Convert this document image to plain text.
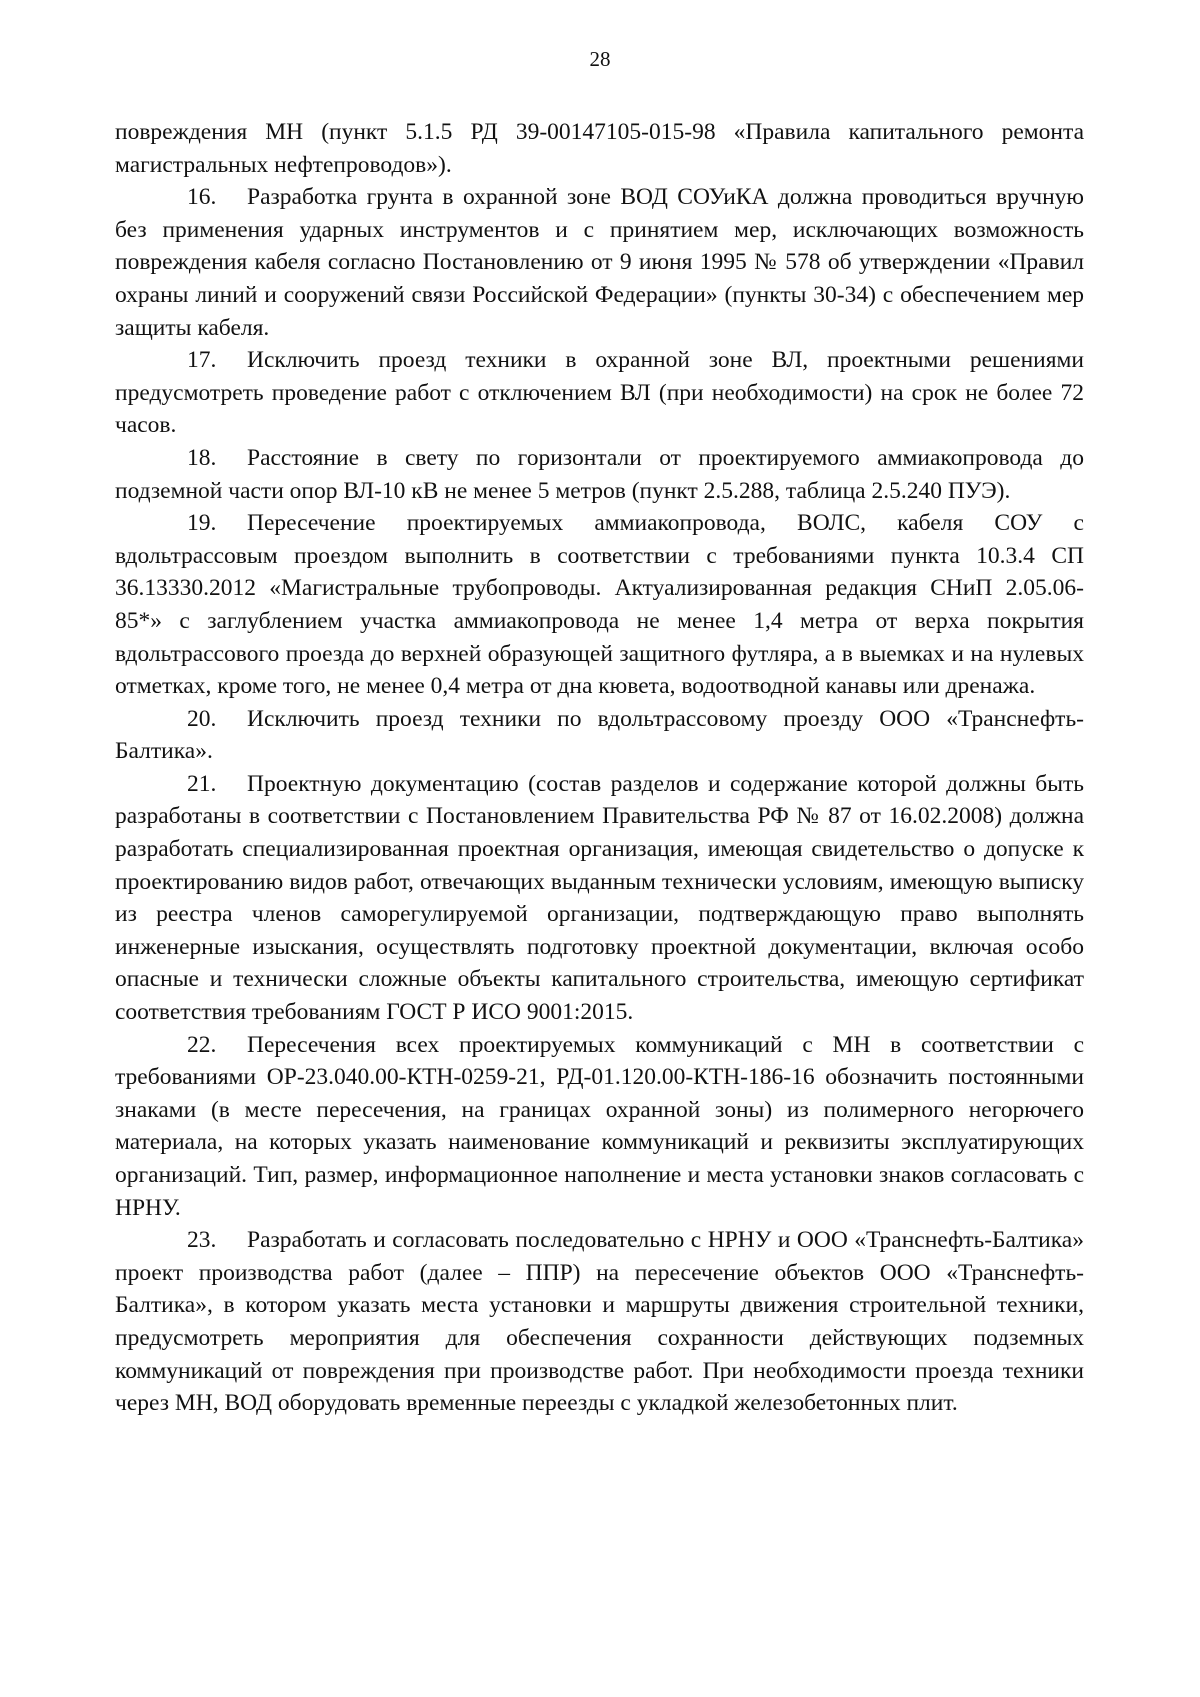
28

повреждения МН (пункт 5.1.5 РД 39-00147105-015-98 «Правила капитального ремонта магистральных нефтепроводов»).

16. Разработка грунта в охранной зоне ВОД СОУиКА должна проводиться вручную без применения ударных инструментов и с принятием мер, исключающих возможность повреждения кабеля согласно Постановлению от 9 июня 1995 № 578 об утверждении «Правил охраны линий и сооружений связи Российской Федерации» (пункты 30-34) с обеспечением мер защиты кабеля.

17. Исключить проезд техники в охранной зоне ВЛ, проектными решениями предусмотреть проведение работ с отключением ВЛ (при необходимости) на срок не более 72 часов.

18. Расстояние в свету по горизонтали от проектируемого аммиакопровода до подземной части опор ВЛ-10 кВ не менее 5 метров (пункт 2.5.288, таблица 2.5.240 ПУЭ).

19. Пересечение проектируемых аммиакопровода, ВОЛС, кабеля СОУ с вдольтрассовым проездом выполнить в соответствии с требованиями пункта 10.3.4 СП 36.13330.2012 «Магистральные трубопроводы. Актуализированная редакция СНиП 2.05.06-85*» с заглублением участка аммиакопровода не менее 1,4 метра от верха покрытия вдольтрассового проезда до верхней образующей защитного футляра, а в выемках и на нулевых отметках, кроме того, не менее 0,4 метра от дна кювета, водоотводной канавы или дренажа.

20. Исключить проезд техники по вдольтрассовому проезду ООО «Транснефть-Балтика».

21. Проектную документацию (состав разделов и содержание которой должны быть разработаны в соответствии с Постановлением Правительства РФ № 87 от 16.02.2008) должна разработать специализированная проектная организация, имеющая свидетельство о допуске к проектированию видов работ, отвечающих выданным технически условиям, имеющую выписку из реестра членов саморегулируемой организации, подтверждающую право выполнять инженерные изыскания, осуществлять подготовку проектной документации, включая особо опасные и технически сложные объекты капитального строительства, имеющую сертификат соответствия требованиям ГОСТ Р ИСО 9001:2015.

22. Пересечения всех проектируемых коммуникаций с МН в соответствии с требованиями ОР-23.040.00-КТН-0259-21, РД-01.120.00-КТН-186-16 обозначить постоянными знаками (в месте пересечения, на границах охранной зоны) из полимерного негорючего материала, на которых указать наименование коммуникаций и реквизиты эксплуатирующих организаций. Тип, размер, информационное наполнение и места установки знаков согласовать с НРНУ.

23. Разработать и согласовать последовательно с НРНУ и ООО «Транснефть-Балтика» проект производства работ (далее – ППР) на пересечение объектов ООО «Транснефть-Балтика», в котором указать места установки и маршруты движения строительной техники, предусмотреть мероприятия для обеспечения сохранности действующих подземных коммуникаций от повреждения при производстве работ. При необходимости проезда техники через МН, ВОД оборудовать временные переезды с укладкой железобетонных плит.
